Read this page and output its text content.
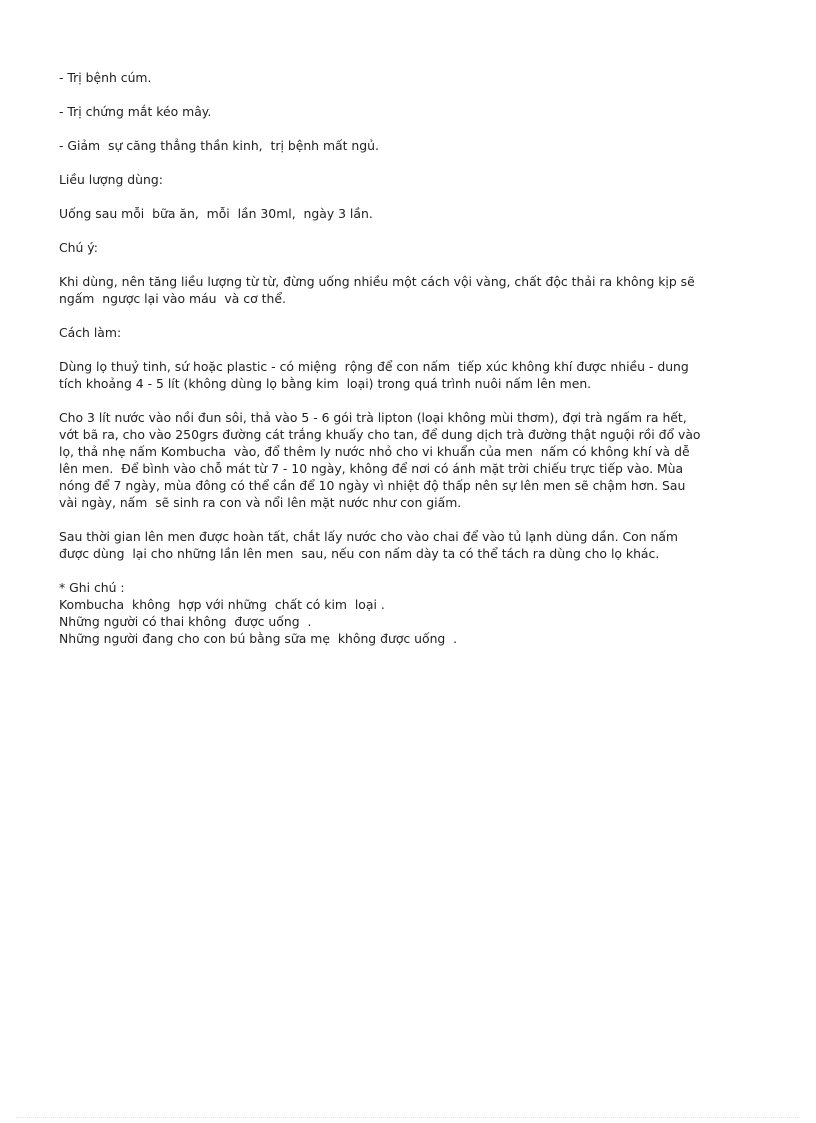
- Trị bệnh cúm.
- Trị chứng mắt kéo mây.
- Giảm  sự căng thẳng thần kinh,  trị bệnh mất ngủ.
Liều lượng dùng:
Uống sau mỗi  bữa ăn,  mỗi  lần 30ml,  ngày 3 lần.
Chú ý:
Khi dùng, nên tăng liều lượng từ từ, đừng uống nhiều một cách vội vàng, chất độc thải ra không kịp sẽ
ngấm  ngược lại vào máu  và cơ thể.
Cách làm:
Dùng lọ thuỷ tinh, sứ hoặc plastic - có miệng  rộng để con nấm  tiếp xúc không khí được nhiều - dung
tích khoảng 4 - 5 lít (không dùng lọ bằng kim  loại) trong quá trình nuôi nấm lên men.
Cho 3 lít nước vào nồi đun sôi, thả vào 5 - 6 gói trà lipton (loại không mùi thơm), đợi trà ngấm ra hết,
vớt bã ra, cho vào 250grs đường cát trắng khuấy cho tan, để dung dịch trà đường thật nguội rồi đổ vào
lọ, thả nhẹ nấm Kombucha  vào, đổ thêm ly nước nhỏ cho vi khuẩn của men  nấm có không khí và dễ
lên men.  Để bình vào chỗ mát từ 7 - 10 ngày, không để nơi có ánh mặt trời chiếu trực tiếp vào. Mùa
nóng để 7 ngày, mùa đông có thể cần để 10 ngày vì nhiệt độ thấp nên sự lên men sẽ chậm hơn. Sau
vài ngày, nấm  sẽ sinh ra con và nổi lên mặt nước như con giấm.
Sau thời gian lên men được hoàn tất, chắt lấy nước cho vào chai để vào tủ lạnh dùng dần. Con nấm
được dùng  lại cho những lần lên men  sau, nếu con nấm dày ta có thể tách ra dùng cho lọ khác.
* Ghi chú :
Kombucha  không  hợp với những  chất có kim  loại .
Những người có thai không  được uống  .
Những người đang cho con bú bằng sữa mẹ  không được uống  .
